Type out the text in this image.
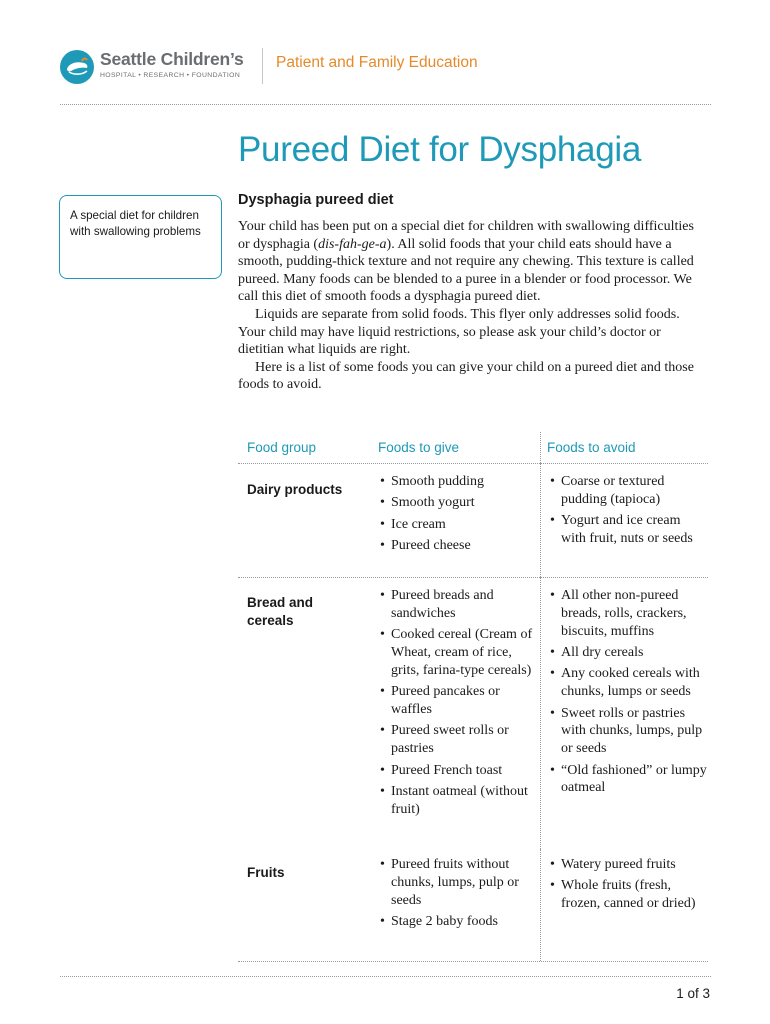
Seattle Children’s
HOSPITAL • RESEARCH • FOUNDATION
Patient and Family Education
Pureed Diet for Dysphagia
A special diet for children with swallowing problems
Dysphagia pureed diet

Your child has been put on a special diet for children with swallowing difficulties or dysphagia (dis-fah-ge-a). All solid foods that your child eats should have a smooth, pudding-thick texture and not require any chewing. This texture is called pureed. Many foods can be blended to a puree in a blender or food processor. We call this diet of smooth foods a dysphagia pureed diet.

Liquids are separate from solid foods. This flyer only addresses solid foods. Your child may have liquid restrictions, so please ask your child’s doctor or dietitian what liquids are right.

Here is a list of some foods you can give your child on a pureed diet and those foods to avoid.

Food group	Foods to give	Foods to avoid
Dairy products
• Smooth pudding
• Smooth yogurt
• Ice cream
• Pureed cheese
• Coarse or textured pudding (tapioca)
• Yogurt and ice cream with fruit, nuts or seeds
Bread and cereals
• Pureed breads and sandwiches
• Cooked cereal (Cream of Wheat, cream of rice, grits, farina-type cereals)
• Pureed pancakes or waffles
• Pureed sweet rolls or pastries
• Pureed French toast
• Instant oatmeal (without fruit)
• All other non-pureed breads, rolls, crackers, biscuits, muffins
• All dry cereals
• Any cooked cereals with chunks, lumps or seeds
• Sweet rolls or pastries with chunks, lumps, pulp or seeds
• “Old fashioned” or lumpy oatmeal
Fruits
• Pureed fruits without chunks, lumps, pulp or seeds
• Stage 2 baby foods
• Watery pureed fruits
• Whole fruits (fresh, frozen, canned or dried)
1 of 3
